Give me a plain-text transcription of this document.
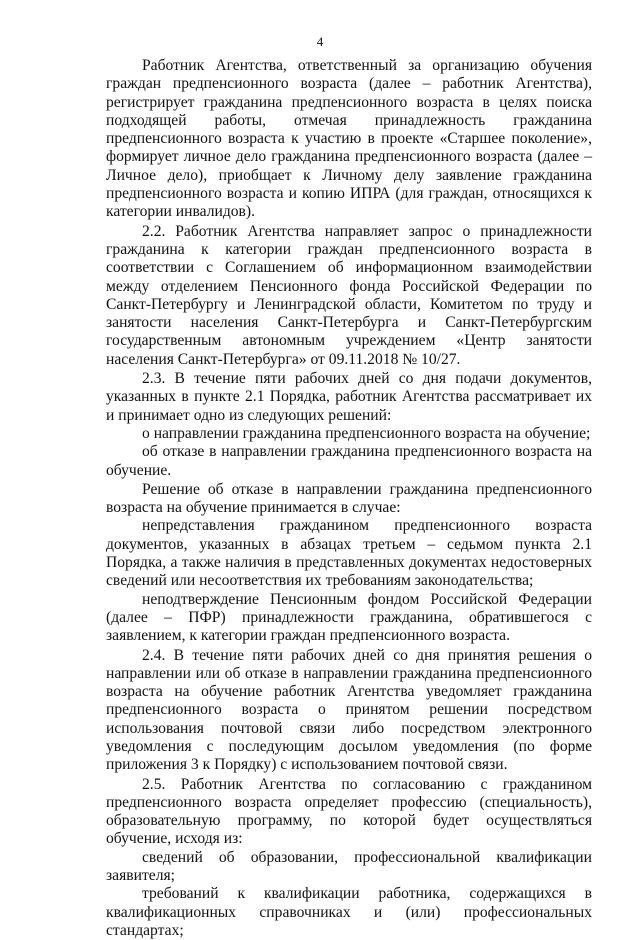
4

Работник Агентства, ответственный за организацию обучения граждан предпенсионного возраста (далее – работник Агентства), регистрирует гражданина предпенсионного возраста в целях поиска подходящей работы, отмечая принадлежность гражданина предпенсионного возраста к участию в проекте «Старшее поколение», формирует личное дело гражданина предпенсионного возраста (далее – Личное дело), приобщает к Личному делу заявление гражданина предпенсионного возраста и копию ИПРА (для граждан, относящихся к категории инвалидов).

2.2. Работник Агентства направляет запрос о принадлежности гражданина к категории граждан предпенсионного возраста в соответствии с Соглашением об информационном взаимодействии между отделением Пенсионного фонда Российской Федерации по Санкт-Петербургу и Ленинградской области, Комитетом по труду и занятости населения Санкт-Петербурга и Санкт-Петербургским государственным автономным учреждением «Центр занятости населения Санкт-Петербурга» от 09.11.2018 № 10/27.

2.3. В течение пяти рабочих дней со дня подачи документов, указанных в пункте 2.1 Порядка, работник Агентства рассматривает их и принимает одно из следующих решений:

о направлении гражданина предпенсионного возраста на обучение;

об отказе в направлении гражданина предпенсионного возраста на обучение.

Решение об отказе в направлении гражданина предпенсионного возраста на обучение принимается в случае:

непредставления гражданином предпенсионного возраста документов, указанных в абзацах третьем – седьмом пункта 2.1 Порядка, а также наличия в представленных документах недостоверных сведений или несоответствия их требованиям законодательства;

неподтверждение Пенсионным фондом Российской Федерации (далее – ПФР) принадлежности гражданина, обратившегося с заявлением, к категории граждан предпенсионного возраста.

2.4. В течение пяти рабочих дней со дня принятия решения о направлении или об отказе в направлении гражданина предпенсионного возраста на обучение работник Агентства уведомляет гражданина предпенсионного возраста о принятом решении посредством использования почтовой связи либо посредством электронного уведомления с последующим досылом уведомления (по форме приложения 3 к Порядку) с использованием почтовой связи.

2.5. Работник Агентства по согласованию с гражданином предпенсионного возраста определяет профессию (специальность), образовательную программу, по которой будет осуществляться обучение, исходя из:

сведений об образовании, профессиональной квалификации заявителя;

требований к квалификации работника, содержащихся в квалификационных справочниках и (или) профессиональных стандартах;
